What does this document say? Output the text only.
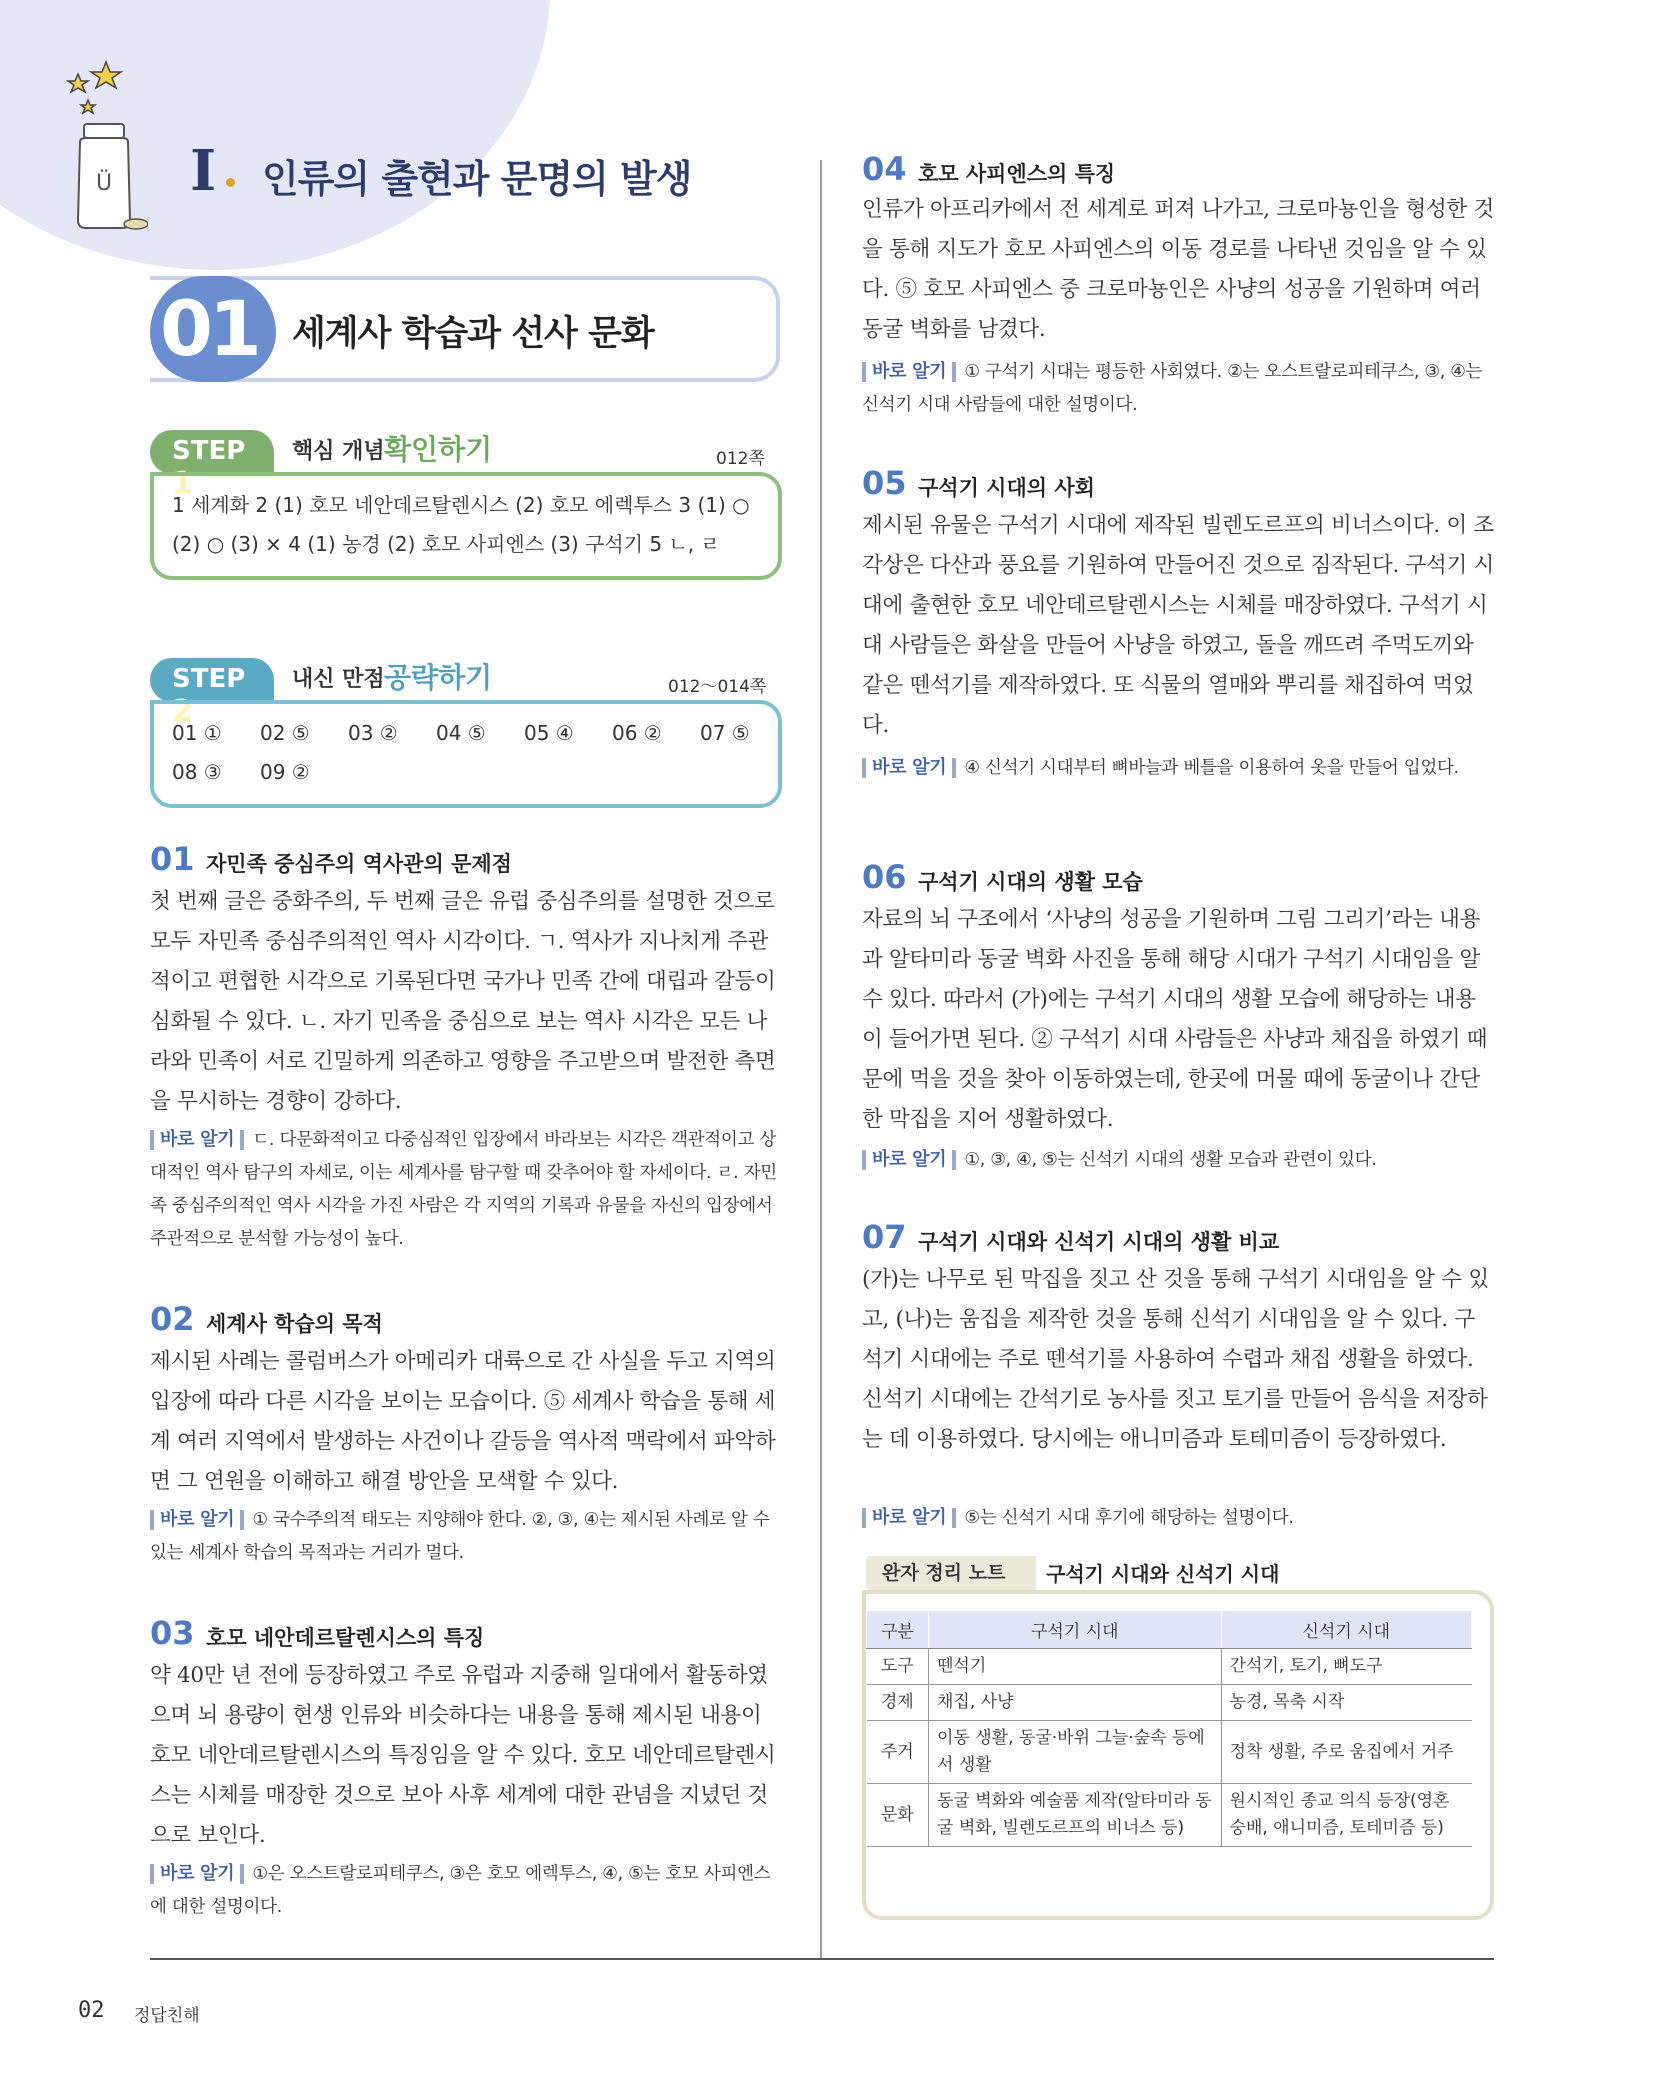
Ü Ⅰ 인류의 출현과 문명의 발생
01 세계사 학습과 선사 문화
STEP 1
핵심 개념 확인하기	012쪽
1 세계화 2 (1) 호모 네안데르탈렌시스 (2) 호모 에렉투스 3 (1) ○
(2) ○ (3) × 4 (1) 농경 (2) 호모 사피엔스 (3) 구석기 5 ㄴ, ㄹ
STEP 2
내신 만점 공략하기	012～014쪽
01 ① 02 ⑤ 03 ② 04 ⑤ 05 ④ 06 ② 07 ⑤
08 ③ 09 ②
01 자민족 중심주의 역사관의 문제점
첫 번째 글은 중화주의, 두 번째 글은 유럽 중심주의를 설명한 것으로 모두 자민족 중심주의적인 역사 시각이다. ㄱ. 역사가 지나치게 주관적이고 편협한 시각으로 기록된다면 국가나 민족 간에 대립과 갈등이 심화될 수 있다. ㄴ. 자기 민족을 중심으로 보는 역사 시각은 모든 나라와 민족이 서로 긴밀하게 의존하고 영향을 주고받으며 발전한 측면을 무시하는 경향이 강하다.
바로 알기 ㄷ. 다문화적이고 다중심적인 입장에서 바라보는 시각은 객관적이고 상대적인 역사 탐구의 자세로, 이는 세계사를 탐구할 때 갖추어야 할 자세이다. ㄹ. 자민족 중심주의적인 역사 시각을 가진 사람은 각 지역의 기록과 유물을 자신의 입장에서 주관적으로 분석할 가능성이 높다.
02 세계사 학습의 목적
제시된 사례는 콜럼버스가 아메리카 대륙으로 간 사실을 두고 지역의 입장에 따라 다른 시각을 보이는 모습이다. ⑤ 세계사 학습을 통해 세계 여러 지역에서 발생하는 사건이나 갈등을 역사적 맥락에서 파악하면 그 연원을 이해하고 해결 방안을 모색할 수 있다.
바로 알기 ① 국수주의적 태도는 지양해야 한다. ②, ③, ④는 제시된 사례로 알 수 있는 세계사 학습의 목적과는 거리가 멀다.
03 호모 네안데르탈렌시스의 특징
약 40만 년 전에 등장하였고 주로 유럽과 지중해 일대에서 활동하였으며 뇌 용량이 현생 인류와 비슷하다는 내용을 통해 제시된 내용이 호모 네안데르탈렌시스의 특징임을 알 수 있다. 호모 네안데르탈렌시스는 시체를 매장한 것으로 보아 사후 세계에 대한 관념을 지녔던 것으로 보인다.
바로 알기 ①은 오스트랄로피테쿠스, ③은 호모 에렉투스, ④, ⑤는 호모 사피엔스에 대한 설명이다.
04 호모 사피엔스의 특징
인류가 아프리카에서 전 세계로 퍼져 나가고, 크로마뇽인을 형성한 것을 통해 지도가 호모 사피엔스의 이동 경로를 나타낸 것임을 알 수 있다. ⑤ 호모 사피엔스 중 크로마뇽인은 사냥의 성공을 기원하며 여러 동굴 벽화를 남겼다.
바로 알기 ① 구석기 시대는 평등한 사회였다. ②는 오스트랄로피테쿠스, ③, ④는 신석기 시대 사람들에 대한 설명이다.
05 구석기 시대의 사회
제시된 유물은 구석기 시대에 제작된 빌렌도르프의 비너스이다. 이 조각상은 다산과 풍요를 기원하여 만들어진 것으로 짐작된다. 구석기 시대에 출현한 호모 네안데르탈렌시스는 시체를 매장하였다. 구석기 시대 사람들은 화살을 만들어 사냥을 하였고, 돌을 깨뜨려 주먹도끼와 같은 뗀석기를 제작하였다. 또 식물의 열매와 뿌리를 채집하여 먹었다.
바로 알기 ④ 신석기 시대부터 뼈바늘과 베틀을 이용하여 옷을 만들어 입었다.
06 구석기 시대의 생활 모습
자료의 뇌 구조에서 ‘사냥의 성공을 기원하며 그림 그리기’라는 내용과 알타미라 동굴 벽화 사진을 통해 해당 시대가 구석기 시대임을 알 수 있다. 따라서 (가)에는 구석기 시대의 생활 모습에 해당하는 내용이 들어가면 된다. ② 구석기 시대 사람들은 사냥과 채집을 하였기 때문에 먹을 것을 찾아 이동하였는데, 한곳에 머물 때에 동굴이나 간단한 막집을 지어 생활하였다.
바로 알기 ①, ③, ④, ⑤는 신석기 시대의 생활 모습과 관련이 있다.
07 구석기 시대와 신석기 시대의 생활 비교
(가)는 나무로 된 막집을 짓고 산 것을 통해 구석기 시대임을 알 수 있고, (나)는 움집을 제작한 것을 통해 신석기 시대임을 알 수 있다. 구석기 시대에는 주로 뗀석기를 사용하여 수렵과 채집 생활을 하였다. 신석기 시대에는 간석기로 농사를 짓고 토기를 만들어 음식을 저장하는 데 이용하였다. 당시에는 애니미즘과 토테미즘이 등장하였다.
바로 알기 ⑤는 신석기 시대 후기에 해당하는 설명이다.
완자 정리 노트	구석기 시대와 신석기 시대
구분	구석기 시대	신석기 시대
도구	뗀석기	간석기, 토기, 뼈도구
경제	채집, 사냥	농경, 목축 시작
주거	이동 생활, 동굴·바위 그늘·숲속 등에서 생활	정착 생활, 주로 움집에서 거주
문화	동굴 벽화와 예술품 제작(알타미라 동굴 벽화, 빌렌도르프의 비너스 등)	원시적인 종교 의식 등장(영혼 숭배, 애니미즘, 토테미즘 등)
02 정답친해
